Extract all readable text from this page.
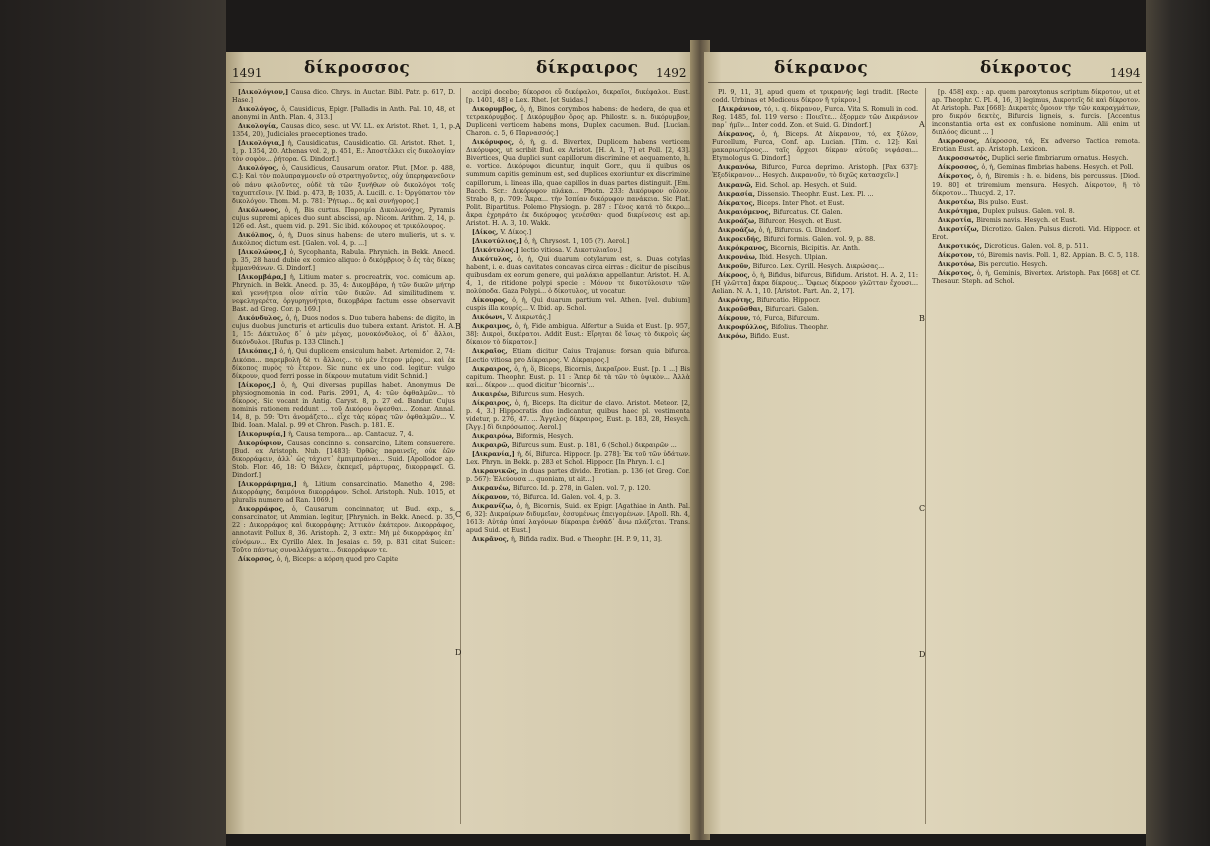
1491 δίκροσσος	δίκραιρος 1492

[Δικολόγιον,] Causa dico. Chrys. in Auctar. Bibl. Patr. p. 617, D. Hase.]

Δικολόγος, ὁ, Causidicus, Epigr. [Palladis in Anth. Pal. 10, 48, et anonymi in Anth. Plan. 4, 313.]

Δικολογία, Causas dico, sesc. ut VV. LL. ex Aristot. Rhet. 1, 1, p. 1354, 20), Judiciales praeceptiones trado.

[Δικολόγια,] ἡ, Causidicatus, Causidicatio. Gl. Aristot. Rhet. 1, 1, p. 1354, 20. Athenas vol. 2, p. 451, E.: Ἀποστέλλει εἰς δικολογίαν τὸν σοφὸν... ῥήτορα. G. Dindorf.]

Δικολόγος, ὁ, Causidicus, Causarum orator. Plut. [Mor. p. 488, C.]: Καὶ τὸν πολυπραγμονεῖν οὐ στρατηγοῦντες, οὐχ ὑπερηφανεῦσιν οὐ πάνυ φιλοῦντες, οὐδὲ τὰ τῶν ξυνήθων οὐ δικολόγοι τοῖς ταχυπτεῖσιν. [V. Ibid. p. 473, B; 1035, A. Lucill. c. 1: Ὀργύπατον τὸν δικολόγον. Thom. M. p. 781: Ῥήτωρ... δς καὶ συνήγορος.]

Δικόλωνος, ὁ, ἡ, Bis curtus. Παροιμία Δικολωνόχος, Pyramis cujus supremi apices duo sunt abscissi, ap. Nicom. Arithm. 2, 14, p. 126 ed. Ast., quem vid. p. 291. Sic ibid. κόλουρος et τρικόλουρος.

Δικόλπος, ὁ, ἡ, Duos sinus habens: de utero mulieris, ut s. v. Δικόλπος dictum est. [Galen. vol. 4, p. ...]

[Δικολώνος,] ὁ, Sycophanta, Rabula. Phrynich. in Bekk. Anecd. p. 35, 28 haud dubie ex comico aliquo: ὁ δικόμβριος ὃ ἐς τὰς δίκας ἐμμανθάνων. G. Dindorf.]

[Δικομβάρα,] ἡ, Litium mater s. procreatrix, voc. comicum ap. Phrynich. in Bekk. Anecd. p. 35, 4: Δικομβάρα, ἡ τῶν δικῶν μήτηρ καὶ γεννήτρια οἶον αἰτία τῶν δικῶν. Ad similitudinem v. νεφεληγερέτα, ὀργυρηγνήτρια, δικομβάρα factum esse observavit Bast. ad Greg. Cor. p. 169.]

Δικόνδυλος, ὁ, ἡ, Duos nodos s. Duo tubera habens: de digito, in cujus duobus juncturis et articulis duo tubera extant. Aristot. H. A. 1, 15: Δάκτυλος δ᾽ ὁ μὲν μέγας, μονοκόνδυλος, οἱ δ᾽ ἄλλοι, δικόνδυλοι. [Rufus p. 133 Clinch.]

[Δικόπας,] ὁ, ἡ, Qui duplicem ensiculum habet. Artemidor. 2, 74: Δικόπα... παρεμβολὴ δὲ τι ἄλλοις... τὸ μὲν ἕτερον μέρος... καὶ ἐκ δίκοπος πυρὸς τὸ ἕτερον. Sic nunc ex uno cod. legitur: vulgo δίκρουν, quod ferri posse in δίκρουν mutatum vidit Schnid.]

[Δίκορος,] ὁ, ἡ, Qui diversas pupillas habet. Anonymus De physiognomonia in cod. Paris. 2991, A, 4: τῶν ὀφθαλμῶν... τὸ δίκορος. Sic vocant in Antig. Caryst. 8, p. 27 ed. Bandur. Cujus nominis rationem reddunt ... τοῦ Δικόρου ὄψεσθαι... Zonar. Annal. 14, 8, p. 59: Ὅτι ἀνομάζετο... εἶχε τὰς κόρας τῶν ὀφθαλμῶν... V. Ibid. Ioan. Malal. p. 99 et Chron. Pasch. p. 181. E.

[Δικορυφία,] ἡ, Causa tempora... ap. Cantacuz. 7, 4.

Δικορύφιον, Causas concinno s. consarcino, Litem consuerere. [Bud. ex Aristoph. Nub. [1483]: Ὀρθῶς παραινεῖς, οὐκ ἐῶν δικορράφειν, ἀλλ᾽ ὡς τάχιστ᾽ ἐμπιμπράναι... Suid. [Apollodor ap. Stob. Flor. 46, 18: Ὁ Βάλεν, ἐκπεμεῖ, μάρτυρας, δικορραφεῖ. G. Dindorf.]

[Δικορράφημα,] ἡ, Litium consarcinatio. Manetho 4, 298: Δικορράφης, δαιμόνια δικορράφον. Schol. Aristoph. Nub. 1015, et pluralis numero ad Ran. 1069.]

Δικορράφος, ὁ, Causarum concinnator, ut Bud. exp., s. consarcinator, ut Ammian. legitur, [Phrynich. in Bekk. Anecd. p. 35, 22 : Δικορράφος καὶ δικορράφης: Ἀττικὸν ἐκάτερον. Δικορράφος, annotavit Pollux 8, 36. Aristoph. 2, 3 extr.: Μὴ μὲ δικορράφος ἐπ᾽ εὐνόμων... Ex Cyrillo Alex. In Jesaias c. 59, p. 831 citat Suicer.: Τοῦτο πάντως συναλλάγματα... δικορράφων τε.

Δίκορσος, ὁ, ἡ, Biceps: a κόρση quod pro Capite

accipi docebo; δίκορσοι εὖ δικέφαλοι, δικραῖοι, δικέφαλοι. Eust. [p. 1401, 48] e Lex. Rhet. [et Suidas.]

Δικορυμβος, ὁ, ἡ, Binos corymbos habens: de hedera, de qua et τετρακόρυμβος. [ Δικόρυμβον ὄρος ap. Philostr. s. n. δικόρυμβον, Dupliceni verticem habens mons, Duplex cacumen. Bud. [Lucian. Charon. c. 5, 6 Παρνασσός.]

Δικόρυφος, ὁ, ἡ, g. d. Bivertex, Duplicem habens verticem Δικόρυφος, ut scribit Bud. ex Aristot. [H. A. 1, 7] et Poll. [2, 43]. Bivertices, Qua duplici sunt capillorum discrimine et aequamento, h. e. vortice. Δικόρυφοι dicuntur, inquit Gorr., quu ii quibus os summum capitis geminum est, sed duplices exoriuntur ex discrimine capillorum, i. lineas illa, quae capillos in duas partes distinguit. [Em. Bacch. Scr.: Δικόρυφον πλάκα... Photn. 233: Δικόρυφον οὖλον. Strabo 8, p. 709: Ἄκρα... τὴν Ἰσπίαν δικόρυφον πανάκεια. Sic Plat. Polit. Bipartitus. Polemo Physiogn. p. 287 : Γένος κατά τὸ δικρο... ἄκρα ἐχρηράτο ἐκ δικόρυφος γενέσθαι· quod δικρίνεσις est ap. Aristot. H. A. 3, 10. Wakk.

[Δίκος, V. Δίκος.]

[Δικοτύλιος,] ὁ, ἡ, Chrysost. 1, 105 (?). Aerol.]

[Δικότυλος.] lectio vitiosa. V. Δικοτυλιαῖον.]

Δικότυλος, ὁ, ἡ, Qui duarum cotylarum est, s. Duas cotylas habent, i. e. duas cavitates concavas circa eirras : dicitur de piscibus quibusdam ex eorum genere, qui μαλάκια appellantur. Aristot. H. A. 4, 1, de ritidone polypi specie : Μόνον τε δικοτύλοισιν τῶν πολύποδα. Gaza Polypi... ὁ δίκοτυλος, ut vocatur.

Δίκουρος, ὁ, ἡ, Qui duarum partium vel. Athen. [vel. dubium] cuspis illa κουρίς... V. Ibid. ap. Schol.

Δικόωνι, V. Δικρωτάς.]

Δικραιμος, ὁ, ἡ, Fide ambigua. Alfertur a Suida et Eust. [p. 957, 38]: Δικροὶ, δικέρατοι. Addit Eust.: Εἴρηται δὲ ἴσως τὸ δικροὶς ὡς δίκαιον τὸ δίκρατον.]

Δικραῖος, Etiam dicitur Caius Trajanus: forsan quia bifurca. [Lectio vitiosa pro Δίκραιρος. V. Δίκραιρος.]

Δικραιρος, ὁ, ἡ, ὅ, Biceps, Bicornis, Δικραῖρον. Eust. [p. 1 ...] Bis capitum. Theophr. Eust. p. 11 : Ἅπερ δὲ τὰ τῶν τὸ ὑψικὸν... Ἀλλὰ καί... δίκρον ... quod dicitur 'bicornis'...

Δικαιρέω, Bifurcus sum. Hesych.

Δίκραιρος, ὁ, ἡ, Biceps. Ita dicitur de clavo. Aristot. Meteor. [2, p. 4, 3.] Hippocratis duo indicantur, quibus haec pl. vestimenta videtur, p. 276, 47. ... Ἄγγελος δίκραιρος, Eust. p. 183, 28, Hesych. [Ἄγγ.] δὶ διπρόσωπος. Aerol.]

Δικραιρόω, Biformis, Hesych.

Δικραιρῶ, Bifurcus sum. Eust. p. 181, 6 (Schol.) δικραιρῶν ...

[Δικρανία,] ἡ, δί, Bifurca. Hippocr. [p. 278]: Ἐκ τοῦ τῶν ὑδάτων. Lex. Phryn. in Bekk. p. 283 et Schol. Hippocr. [In Phryn. l. c.]

Δικρανικῶς, in duas partes divido. Erotian. p. 136 (et Greg. Cor. p. 567): Ἐλεύουσα ... quoniam, ut ait...]

Δικρανέω, Bifurco. Id. p. 278, in Galen. vol. 7, p. 120.

Δίκρανον, τό, Bifurca. Id. Galen. vol. 4, p. 3.

Δικρανίζω, ὁ, ἡ, Bicornis, Suid. ex Epigr. [Agathiae in Anth. Pal. 6, 32]: Δικραίρων διδυμεῖαν, ἐσσυμένως ἐπειγομένων. [Apoll. Rh. 4, 1613: Αὐτάρ ὑπαί λαγόνων δίκραιρα ἐνθάδ᾽ ἄνω πλάζεται. Trans. apud Suid. et Eust.]

Δικρᾶνος, ἡ, Bifida radix. Bud. e Theophr. [H. P. 9, 11, 3].

A
B
C
D
δίκρανος	δίκροτος	1494

Pl. 9, 11, 3], apud quem et τρικρανής legi tradit. [Recte codd. Urbinas et Mediceus δίκρον ἢ τρίκρον.]

[Δικράνιον, τό, ι. q. δίκρανον, Furca. Vita S. Romuli in cod. Reg. 1485, fol. 119 verso : Ποιεῖτε... ἐξορμεν τῶν Δικράνιον παρ᾽ ἡμῖν... Inter codd. Zon. et Suid. G. Dindorf.]

Δίκρανος, ὁ, ἡ, Biceps. At Δίκρανον, τό, ex ξύλον, Furcellum, Furca, Conf. ap. Lucian. [Tim. c. 12]: Καὶ μακαριωτέρους... ταῖς ὄρχεσι δίκραν αὐτοῦς νιψάσαι... Etymologus G. Dindorf.]

Δικρανόω, Bifurco, Furca deprimo. Aristoph. [Pax 637]: Ἐξεδίκρανον... Hesych. Δικρανοῦν, τὸ διχῶς κατασχεῖν.]

Δικρανῶ, Eid. Schol. ap. Hesych. et Suid.

Δικρασία, Dissensio. Theophr. Eust. Lex. Pl. ...

Δίκρατος, Biceps. Inter Phot. et Eust.

Δικραιόμενος, Bifurcatus. Cf. Galen.

Δικροάζω, Bifurcor. Hesych. et Eust.

Δικροάζω, ὁ, ἡ, Bifurcus. G. Dindorf.

Δικροειδής, Bifurci formis. Galen. vol. 9, p. 88.

Δικρόκρανος, Bicornis, Bicipitis. Ar. Anth.

Δικρονάω, Ibid. Hesych. Ulpian.

Δικροῦν, Bifurco. Lex. Cyrill. Hesych. Δικρώσας...

Δίκροος, ὁ, ἡ, Bifidus, bifurcus, Bifidum. Aristot. H. A. 2, 11: [Ἡ γλῶττα] ἄκρα δίκρους... Ὅφεως δίκροον γλῶτταν ἔχουσι... Aelian. N. A. 1, 10. [Aristot. Part. An. 2, 17].

Δικρότης, Bifurcatio. Hippocr.

Δικροῦσθαι, Bifurcari. Galen.

Δίκρουν, τό, Furca, Bifurcum.

Δικροφύλλος, Bifolius. Theophr.

Δικρόω, Bifido. Eust.

[p. 458] exp. : ap. quem paroxytonus scriptum δίκροτον, ut et ap. Theophr. C. Pl. 4, 16, 3] legimus, Δικροτεῖς δὲ καὶ δίκροτον. At Aristoph. Pax [668]: Δικρατὲς ὅμοιον τὴν τῶν κακραγμάτων, pro δικρόν δεκτὲς, Bifurcis ligneis, s. furcis. [Accentus inconstantia orta est ex confusione nominum. Alii enim ut διπλόος dicunt ... ]

Δικροσσος, Δίκροσσα, τά, Ex adverso Tactica remota. Erotian Eust. ap. Aristoph. Lexicon.

Δικροσσωτός, Duplici serie fimbriarum ornatus. Hesych.

Δίκροσσος, ὁ, ἡ, Geminas fimbrias habens. Hesych. et Poll.

Δίκροτος, ὁ, ἡ, Biremis : h. e. bidens, bis percussus. [Diod. 19. 80] et triremium mensura. Hesych. Δίκροτον, ἢ τὸ δίκροτον... Thucyd. 2, 17.

Δικροτέω, Bis pulso. Eust.

Δικρότημα, Duplex pulsus. Galen. vol. 8.

Δικροτία, Biremis navis. Hesych. et Eust.

Δικροτίζω, Dicrotizo. Galen. Pulsus dicroti. Vid. Hippocr. et Erot.

Δικροτικός, Dicroticus. Galen. vol. 8, p. 511.

Δίκροτον, τό, Biremis navis. Poll. 1, 82. Appian. B. C. 5, 118.

Δικροτόω, Bis percutio. Hesych.

Δίκροτος, ὁ, ἡ, Geminis, Bivertex. Aristoph. Pax [668] et Cf. Thesaur. Steph. ad Schol.

A
B
C
D
